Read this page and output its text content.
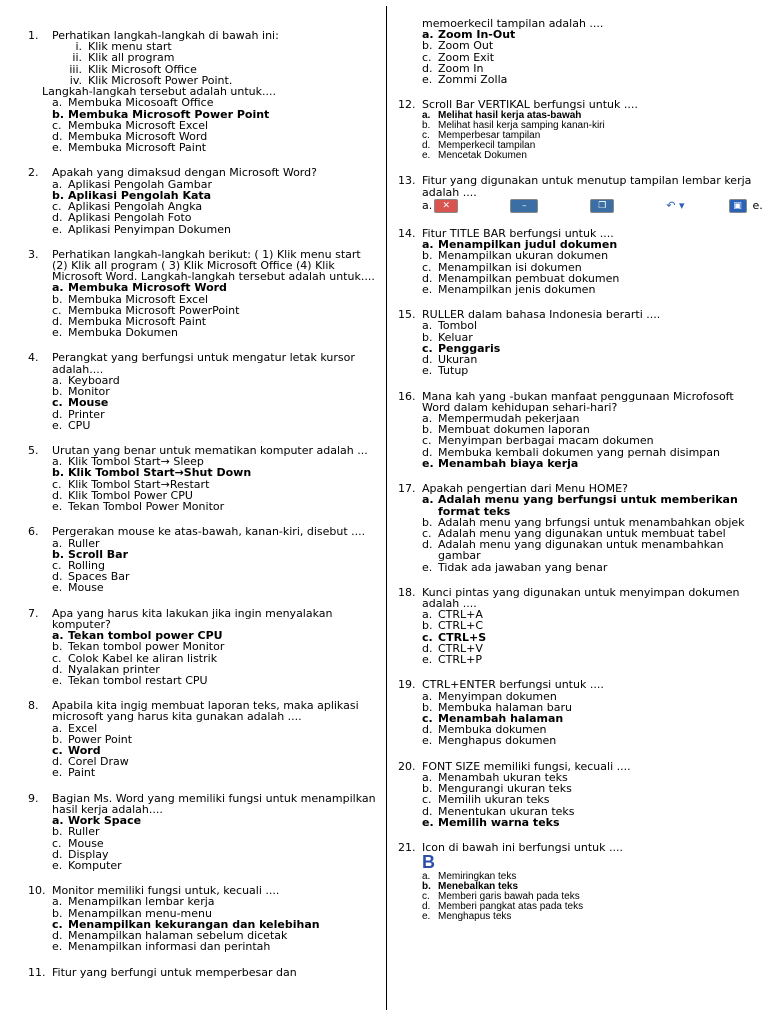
1.	Perhatikan langkah-langkah di bawah ini:
i. Klik menu start
ii. Klik all program
iii. Klik Microsoft Office
iv. Klik Microsoft Power Point.
Langkah-langkah tersebut adalah untuk....
a. Membuka Micosoaft Office
b. Membuka Microsoft Power Point
c. Membuka Microsoft Excel
d. Membuka Microsoft Word
e. Membuka Microsoft Paint
2.	Apakah yang dimaksud dengan Microsoft Word?
a. Aplikasi Pengolah Gambar
b. Aplikasi Pengolah Kata
c. Aplikasi Pengolah Angka
d. Aplikasi Pengolah Foto
e. Aplikasi Penyimpan Dokumen
3.	Perhatikan langkah-langkah berikut: ( 1) Klik menu start (2) Klik all program ( 3) Klik Microsoft Office (4) Klik Microsoft Word. Langkah-langkah tersebut adalah untuk....
a. Membuka Microsoft Word
b. Membuka Microsoft Excel
c. Membuka Microsoft PowerPoint
d. Membuka Microsoft Paint
e. Membuka Dokumen
4.	Perangkat yang berfungsi untuk mengatur letak kursor adalah....
a. Keyboard
b. Monitor
c. Mouse
d. Printer
e. CPU
5.	Urutan yang benar untuk mematikan komputer adalah ...
a. Klik Tombol Start→ Sleep
b. Klik Tombol Start→Shut Down
c. Klik Tombol Start→Restart
d. Klik Tombol Power CPU
e. Tekan Tombol Power Monitor
6.	Pergerakan mouse ke atas-bawah, kanan-kiri, disebut ....
a. Ruller
b. Scroll Bar
c. Rolling
d. Spaces Bar
e. Mouse
7.	Apa yang harus kita lakukan jika ingin menyalakan komputer?
a. Tekan tombol power CPU
b. Tekan tombol power Monitor
c. Colok Kabel ke aliran listrik
d. Nyalakan printer
e. Tekan tombol restart CPU
8.	Apabila kita ingig membuat laporan teks, maka aplikasi microsoft yang harus kita gunakan adalah ....
a. Excel
b. Power Point
c. Word
d. Corel Draw
e. Paint
9.	Bagian Ms. Word yang memiliki fungsi untuk menampilkan hasil kerja adalah....
a. Work Space
b. Ruller
c. Mouse
d. Display
e. Komputer
10. Monitor memiliki fungsi untuk, kecuali ....
a. Menampilkan lembar kerja
b. Menampilkan menu-menu
c. Menampilkan kekurangan dan kelebihan
d. Menampilkan halaman sebelum dicetak
e. Menampilkan informasi dan perintah
11. Fitur yang berfungi untuk memperbesar dan
memoerkecil tampilan adalah ....
a. Zoom In-Out
b. Zoom Out
c. Zoom Exit
d. Zoom In
e. Zommi Zolla
12. Scroll Bar VERTIKAL berfungsi untuk ....
a. Melihat hasil kerja atas-bawah
b. Melihat hasil kerja samping kanan-kiri
c. Memperbesar tampilan
d. Memperkecil tampilan
e. Mencetak Dokumen
13. Fitur yang digunakan untuk menutup tampilan lembar kerja adalah ....
a.	✕	–	❐	↶ ▾	▣ e.
14. Fitur TITLE BAR berfungsi untuk ....
a. Menampilkan judul dokumen
b. Menampilkan ukuran dokumen
c. Menampilkan isi dokumen
d. Menampilkan pembuat dokumen
e. Menampilkan jenis dokumen
15. RULLER dalam bahasa Indonesia berarti ....
a. Tombol
b. Keluar
c. Penggaris
d. Ukuran
e. Tutup
16. Mana kah yang -bukan manfaat penggunaan Microfosoft Word dalam kehidupan sehari-hari?
a. Mempermudah pekerjaan
b. Membuat dokumen laporan
c. Menyimpan berbagai macam dokumen
d. Membuka kembali dokumen yang pernah disimpan
e. Menambah biaya kerja
17. Apakah pengertian dari Menu HOME?
a. Adalah menu yang berfungsi untuk memberikan format teks
b. Adalah menu yang brfungsi untuk menambahkan objek
c. Adalah menu yang digunakan untuk membuat tabel
d. Adalah menu yang digunakan untuk menambahkan gambar
e. Tidak ada jawaban yang benar
18. Kunci pintas yang digunakan untuk menyimpan dokumen adalah ....
a. CTRL+A
b. CTRL+C
c. CTRL+S
d. CTRL+V
e. CTRL+P
19. CTRL+ENTER berfungsi untuk ....
a. Menyimpan dokumen
b. Membuka halaman baru
c. Menambah halaman
d. Membuka dokumen
e. Menghapus dokumen
20. FONT SIZE memiliki fungsi, kecuali ....
a. Menambah ukuran teks
b. Mengurangi ukuran teks
c. Memilih ukuran teks
d. Menentukan ukuran teks
e. Memilih warna teks
21. Icon di bawah ini berfungsi untuk ....
B
a. Memiringkan teks
b. Menebalkan teks
c. Memberi garis bawah pada teks
d. Memberi pangkat atas pada teks
e. Menghapus teks
